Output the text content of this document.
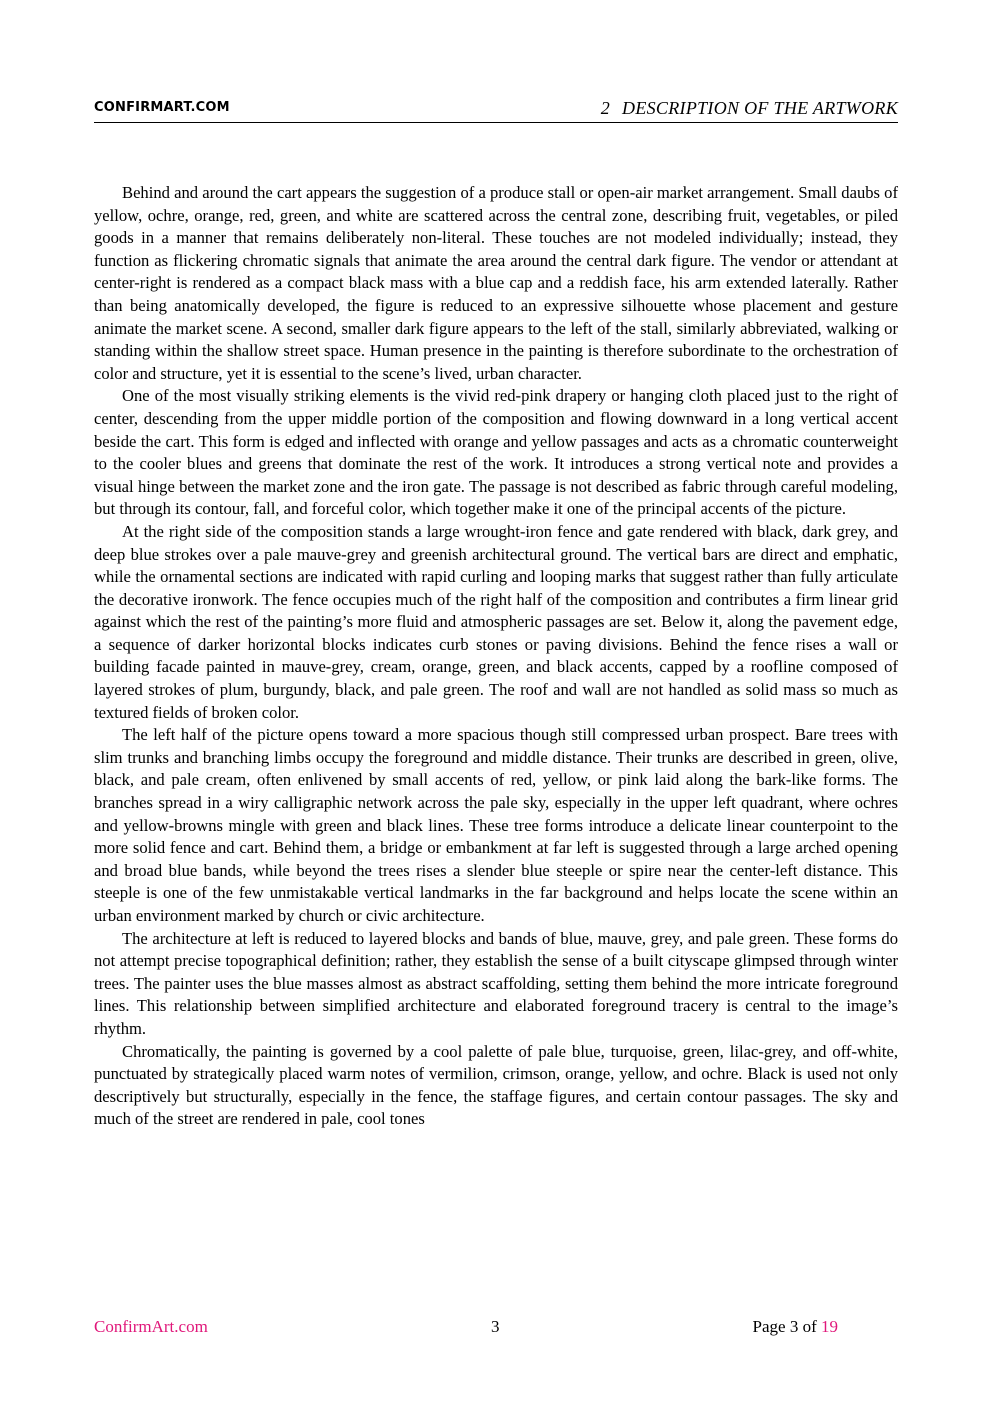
CONFIRMART.COM	2 DESCRIPTION OF THE ARTWORK

Behind and around the cart appears the suggestion of a produce stall or open-air market arrangement. Small daubs of yellow, ochre, orange, red, green, and white are scattered across the central zone, describing fruit, vegetables, or piled goods in a manner that remains deliberately non-literal. These touches are not modeled individually; instead, they function as flickering chromatic signals that animate the area around the central dark figure. The vendor or attendant at center-right is rendered as a compact black mass with a blue cap and a reddish face, his arm extended laterally. Rather than being anatomically developed, the figure is reduced to an expressive silhouette whose placement and gesture animate the market scene. A second, smaller dark figure appears to the left of the stall, similarly abbreviated, walking or standing within the shallow street space. Human presence in the painting is therefore subordinate to the orchestration of color and structure, yet it is essential to the scene’s lived, urban character.

One of the most visually striking elements is the vivid red-pink drapery or hanging cloth placed just to the right of center, descending from the upper middle portion of the composition and flowing downward in a long vertical accent beside the cart. This form is edged and inflected with orange and yellow passages and acts as a chromatic counterweight to the cooler blues and greens that dominate the rest of the work. It introduces a strong vertical note and provides a visual hinge between the market zone and the iron gate. The passage is not described as fabric through careful modeling, but through its contour, fall, and forceful color, which together make it one of the principal accents of the picture.

At the right side of the composition stands a large wrought-iron fence and gate rendered with black, dark grey, and deep blue strokes over a pale mauve-grey and greenish architectural ground. The vertical bars are direct and emphatic, while the ornamental sections are indicated with rapid curling and looping marks that suggest rather than fully articulate the decorative ironwork. The fence occupies much of the right half of the composition and contributes a firm linear grid against which the rest of the painting’s more fluid and atmospheric passages are set. Below it, along the pavement edge, a sequence of darker horizontal blocks indicates curb stones or paving divisions. Behind the fence rises a wall or building facade painted in mauve-grey, cream, orange, green, and black accents, capped by a roofline composed of layered strokes of plum, burgundy, black, and pale green. The roof and wall are not handled as solid mass so much as textured fields of broken color.

The left half of the picture opens toward a more spacious though still compressed urban prospect. Bare trees with slim trunks and branching limbs occupy the foreground and middle distance. Their trunks are described in green, olive, black, and pale cream, often enlivened by small accents of red, yellow, or pink laid along the bark-like forms. The branches spread in a wiry calligraphic network across the pale sky, especially in the upper left quadrant, where ochres and yellow-browns mingle with green and black lines. These tree forms introduce a delicate linear counterpoint to the more solid fence and cart. Behind them, a bridge or embankment at far left is suggested through a large arched opening and broad blue bands, while beyond the trees rises a slender blue steeple or spire near the center-left distance. This steeple is one of the few unmistakable vertical landmarks in the far background and helps locate the scene within an urban environment marked by church or civic architecture.

The architecture at left is reduced to layered blocks and bands of blue, mauve, grey, and pale green. These forms do not attempt precise topographical definition; rather, they establish the sense of a built cityscape glimpsed through winter trees. The painter uses the blue masses almost as abstract scaffolding, setting them behind the more intricate foreground lines. This relationship between simplified architecture and elaborated foreground tracery is central to the image’s rhythm.

Chromatically, the painting is governed by a cool palette of pale blue, turquoise, green, lilac-grey, and off-white, punctuated by strategically placed warm notes of vermilion, crimson, orange, yellow, and ochre. Black is used not only descriptively but structurally, especially in the fence, the staffage figures, and certain contour passages. The sky and much of the street are rendered in pale, cool tones

ConfirmArt.com	3	Page 3 of 19
